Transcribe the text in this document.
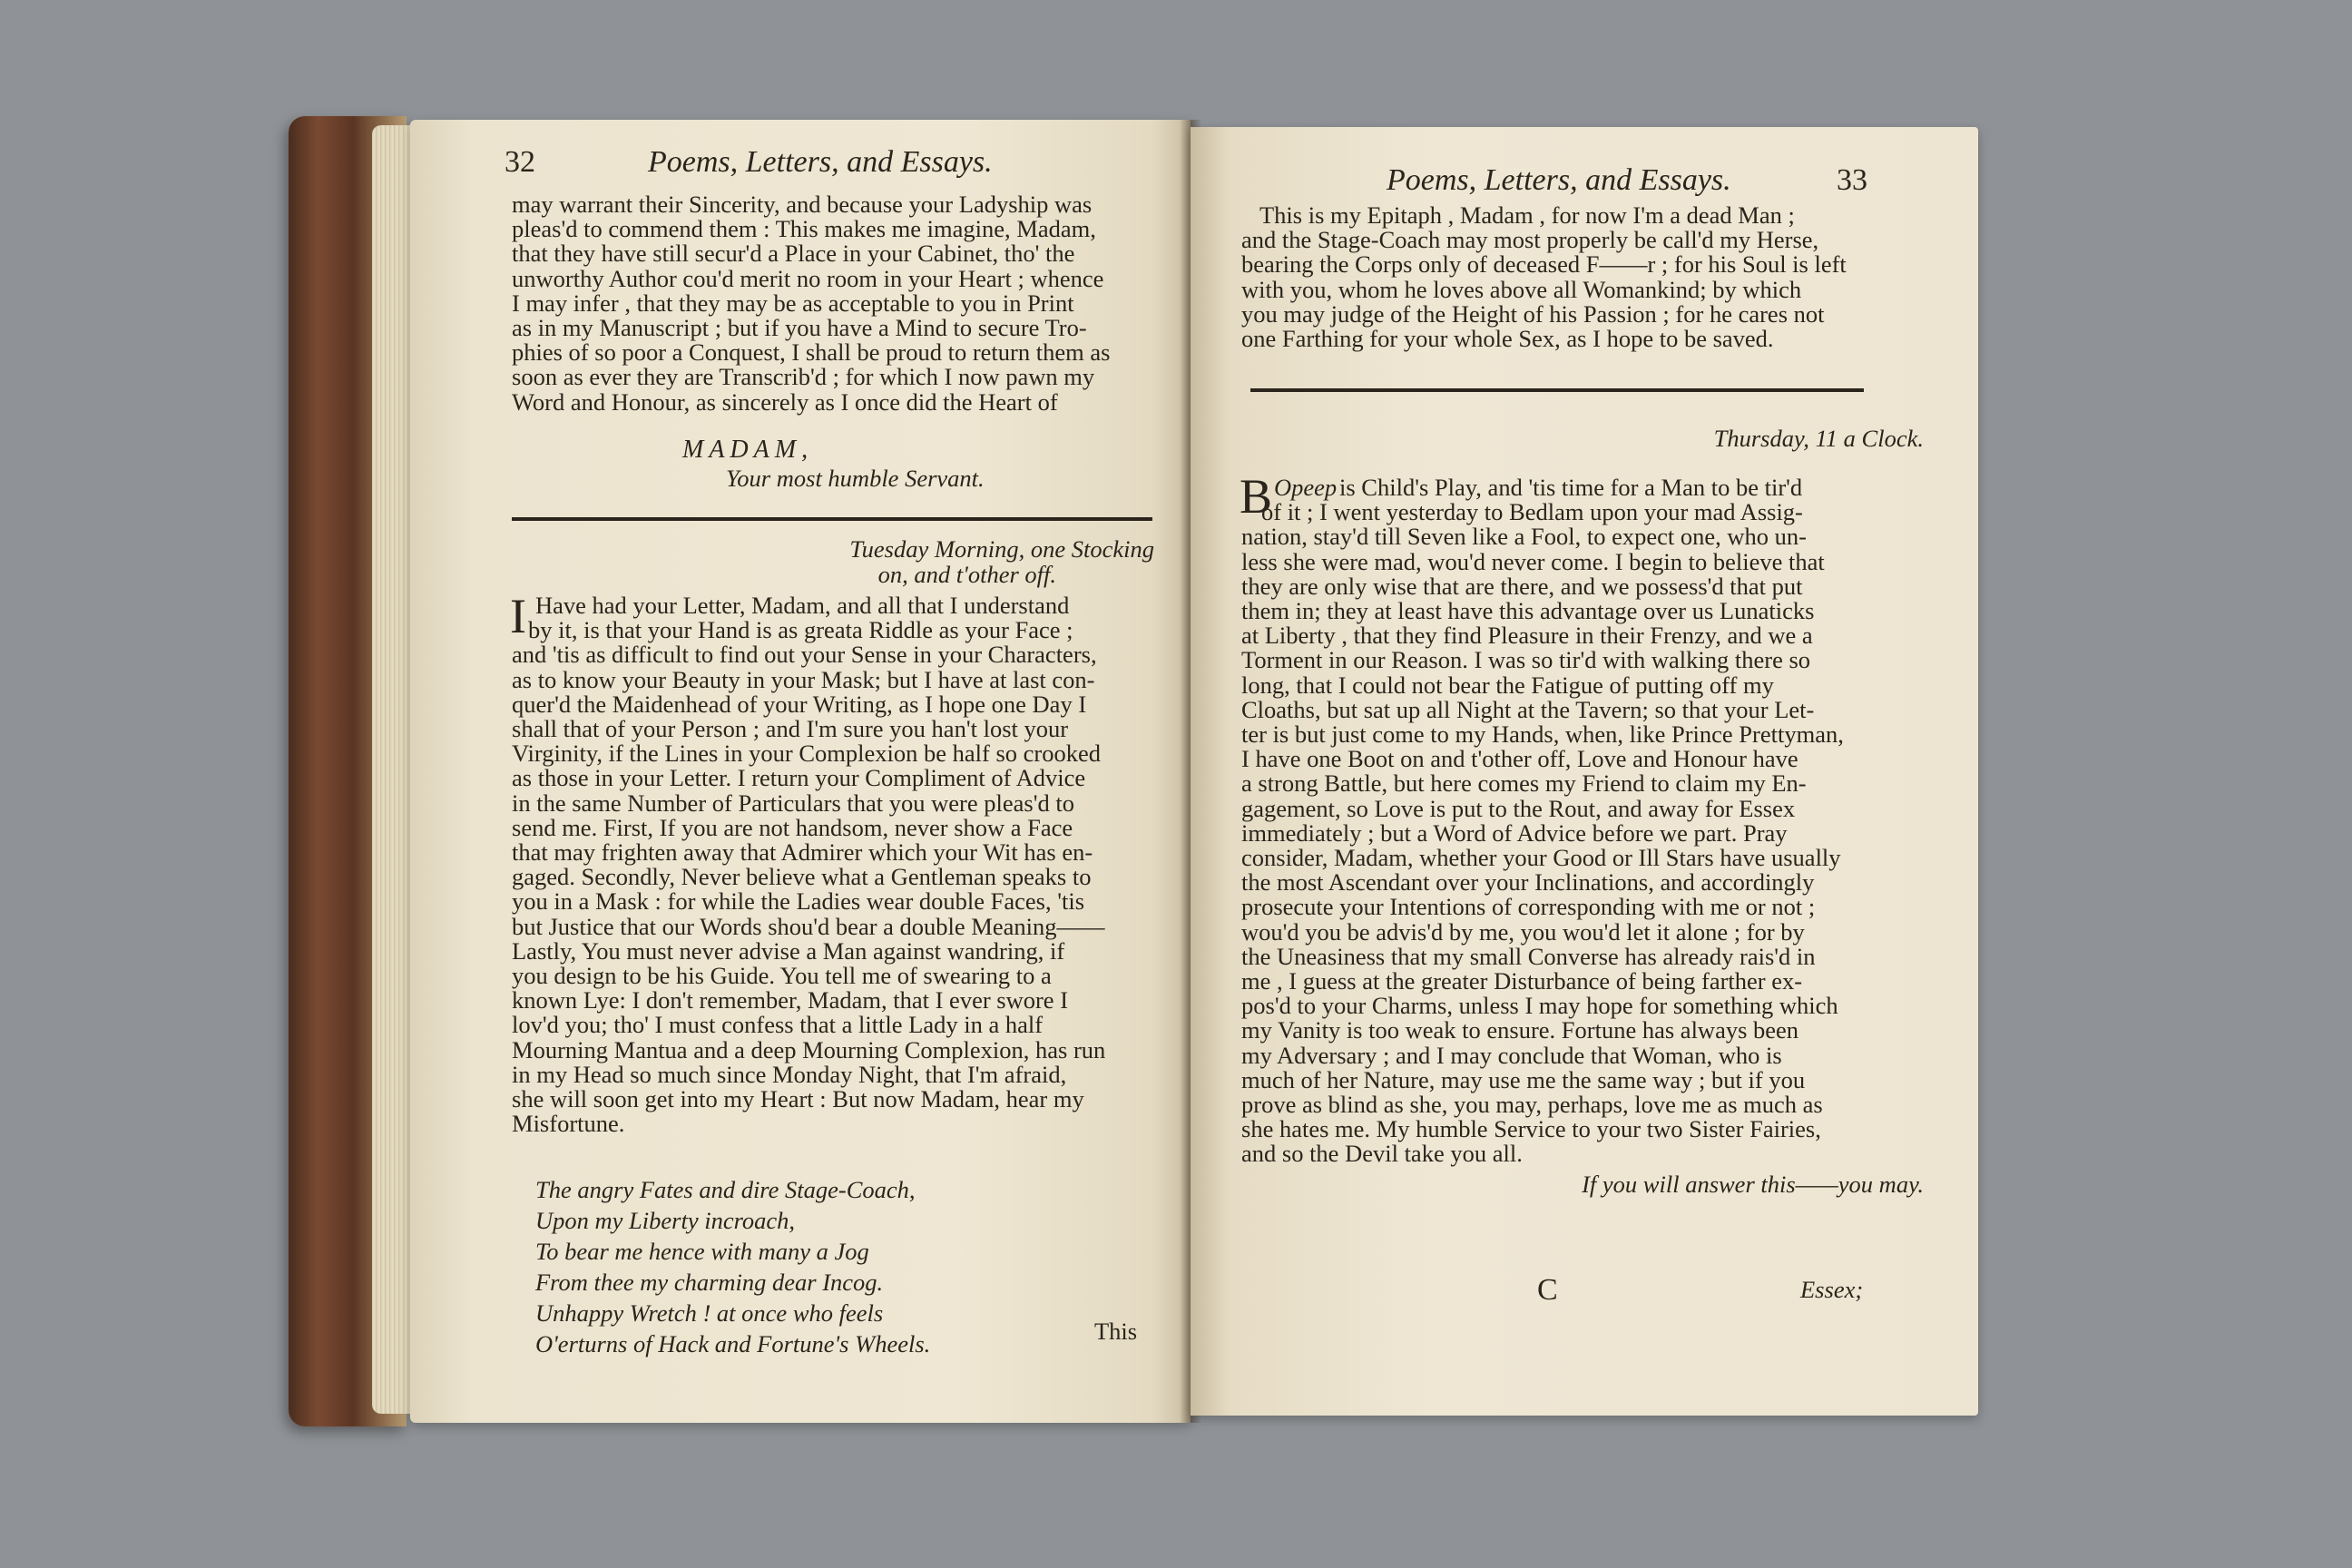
32	Poems, Letters, and Essays.
may warrant their Sincerity, and because your Ladyship was
pleas'd to commend them : This makes me imagine, Madam,
that they have still secur'd a Place in your Cabinet, tho' the
unworthy Author cou'd merit no room in your Heart ; whence
I may infer , that they may be as acceptable to you in Print
as in my Manuscript ; but if you have a Mind to secure Tro-
phies of so poor a Conquest, I shall be proud to return them as
soon as ever they are Transcrib'd ; for which I now pawn my
Word and Honour, as sincerely as I once did the Heart of
MADAM,
Your most humble Servant.
Tuesday Morning, one Stocking
on, and t'other off.
I Have had your Letter, Madam, and all that I understand
by it, is that your Hand is as greata Riddle as your Face ;
and 'tis as difficult to find out your Sense in your Characters,
as to know your Beauty in your Mask; but I have at last con-
quer'd the Maidenhead of your Writing, as I hope one Day I
shall that of your Person ; and I'm sure you han't lost your
Virginity, if the Lines in your Complexion be half so crooked
as those in your Letter. I return your Compliment of Advice
in the same Number of Particulars that you were pleas'd to
send me. First, If you are not handsom, never show a Face
that may frighten away that Admirer which your Wit has en-
gaged. Secondly, Never believe what a Gentleman speaks to
you in a Mask : for while the Ladies wear double Faces, 'tis
but Justice that our Words shou'd bear a double Meaning——
Lastly, You must never advise a Man against wandring, if
you design to be his Guide. You tell me of swearing to a
known Lye: I don't remember, Madam, that I ever swore I
lov'd you; tho' I must confess that a little Lady in a half
Mourning Mantua and a deep Mourning Complexion, has run
in my Head so much since Monday Night, that I'm afraid,
she will soon get into my Heart : But now Madam, hear my
Misfortune.
The angry Fates and dire Stage-Coach,
Upon my Liberty incroach,
To bear me hence with many a Jog
From thee my charming dear Incog.
Unhappy Wretch ! at once who feels
O'erturns of Hack and Fortune's Wheels.	This
Poems, Letters, and Essays.	33
This is my Epitaph , Madam , for now I'm a dead Man ;
and the Stage-Coach may most properly be call'd my Herse,
bearing the Corps only of deceased F——r ; for his Soul is left
with you, whom he loves above all Womankind; by which
you may judge of the Height of his Passion ; for he cares not
one Farthing for your whole Sex, as I hope to be saved.
Thursday, 11 a Clock.
B Opeep is Child's Play, and 'tis time for a Man to be tir'd
of it ; I went yesterday to Bedlam upon your mad Assig-
nation, stay'd till Seven like a Fool, to expect one, who un-
less she were mad, wou'd never come. I begin to believe that
they are only wise that are there, and we possess'd that put
them in; they at least have this advantage over us Lunaticks
at Liberty , that they find Pleasure in their Frenzy, and we a
Torment in our Reason. I was so tir'd with walking there so
long, that I could not bear the Fatigue of putting off my
Cloaths, but sat up all Night at the Tavern; so that your Let-
ter is but just come to my Hands, when, like Prince Prettyman,
I have one Boot on and t'other off, Love and Honour have
a strong Battle, but here comes my Friend to claim my En-
gagement, so Love is put to the Rout, and away for Essex
immediately ; but a Word of Advice before we part. Pray
consider, Madam, whether your Good or Ill Stars have usually
the most Ascendant over your Inclinations, and accordingly
prosecute your Intentions of corresponding with me or not ;
wou'd you be advis'd by me, you wou'd let it alone ; for by
the Uneasiness that my small Converse has already rais'd in
me , I guess at the greater Disturbance of being farther ex-
pos'd to your Charms, unless I may hope for something which
my Vanity is too weak to ensure. Fortune has always been
my Adversary ; and I may conclude that Woman, who is
much of her Nature, may use me the same way ; but if you
prove as blind as she, you may, perhaps, love me as much as
she hates me. My humble Service to your two Sister Fairies,
and so the Devil take you all.
If you will answer this——you may.
C	Essex;
